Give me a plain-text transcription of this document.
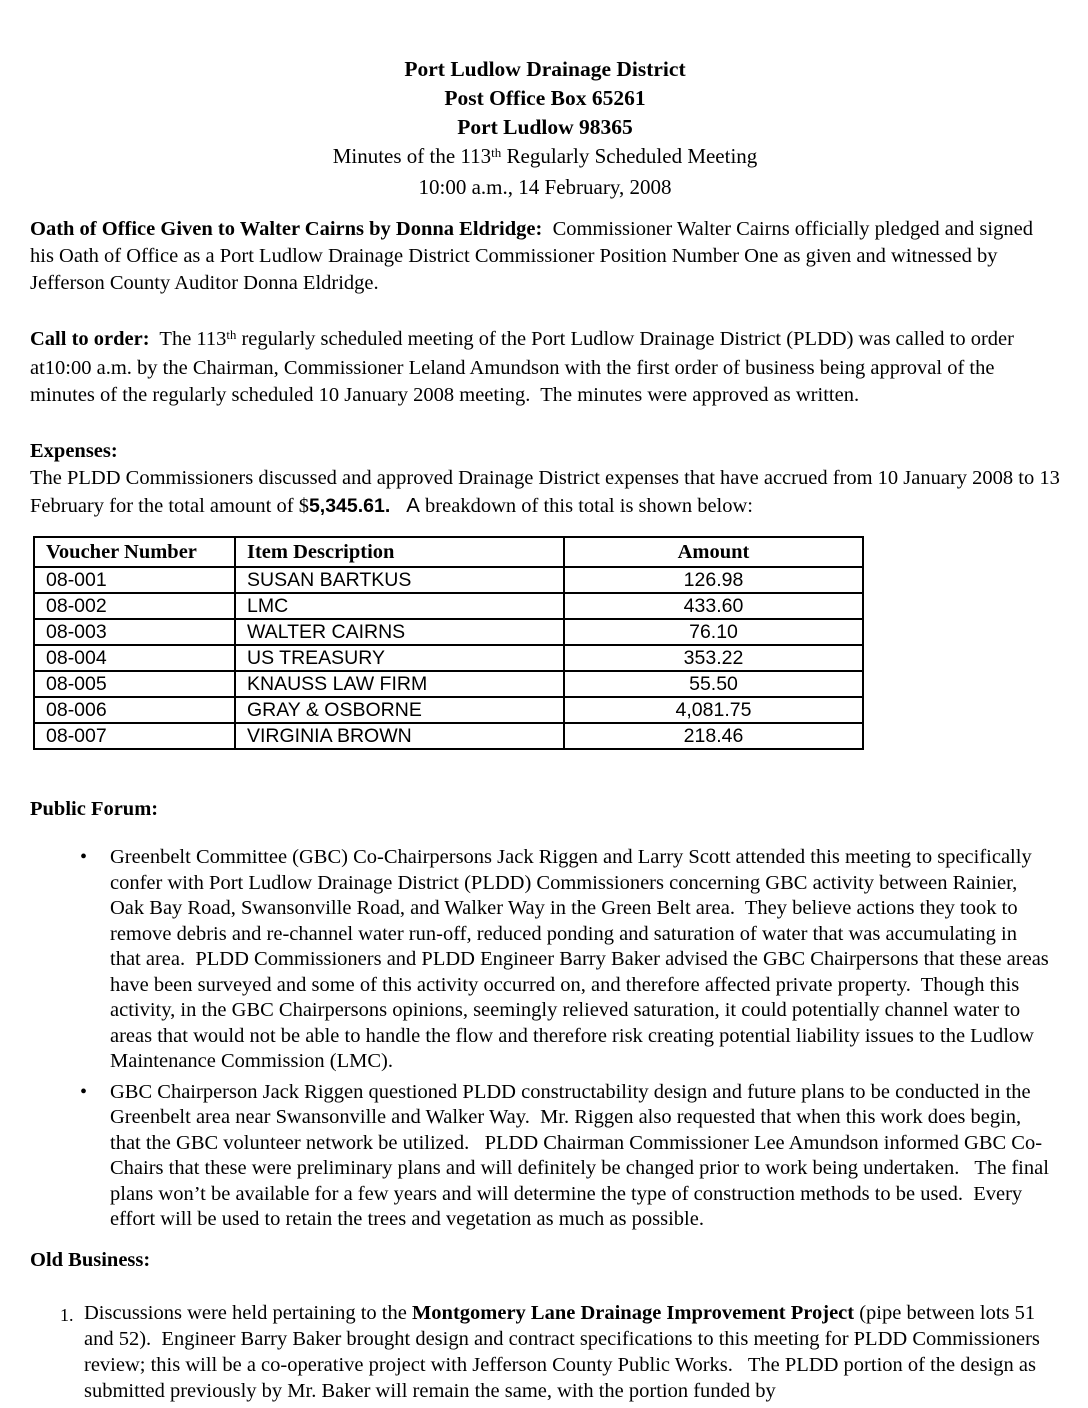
Port Ludlow Drainage District
Post Office Box 65261
Port Ludlow 98365
Minutes of the 113th Regularly Scheduled Meeting
10:00 a.m., 14 February, 2008

Oath of Office Given to Walter Cairns by Donna Eldridge:  Commissioner Walter Cairns officially pledged and signed his Oath of Office as a Port Ludlow Drainage District Commissioner Position Number One as given and witnessed by Jefferson County Auditor Donna Eldridge.

Call to order:  The 113th regularly scheduled meeting of the Port Ludlow Drainage District (PLDD) was called to order at10:00 a.m. by the Chairman, Commissioner Leland Amundson with the first order of business being approval of the minutes of the regularly scheduled 10 January 2008 meeting.  The minutes were approved as written.

Expenses:

The PLDD Commissioners discussed and approved Drainage District expenses that have accrued from 10 January 2008 to 13 February for the total amount of $5,345.61.   A breakdown of this total is shown below:

Voucher Number	Item Description	Amount
08-001	SUSAN BARTKUS	126.98
08-002	LMC	433.60
08-003	WALTER CAIRNS	76.10
08-004	US TREASURY	353.22
08-005	KNAUSS LAW FIRM	55.50
08-006	GRAY & OSBORNE	4,081.75
08-007	VIRGINIA BROWN	218.46
Public Forum:
• Greenbelt Committee (GBC) Co-Chairpersons Jack Riggen and Larry Scott attended this meeting to specifically confer with Port Ludlow Drainage District (PLDD) Commissioners concerning GBC activity between Rainier, Oak Bay Road, Swansonville Road, and Walker Way in the Green Belt area.  They believe actions they took to remove debris and re-channel water run-off, reduced ponding and saturation of water that was accumulating in that area.  PLDD Commissioners and PLDD Engineer Barry Baker advised the GBC Chairpersons that these areas have been surveyed and some of this activity occurred on, and therefore affected private property.  Though this activity, in the GBC Chairpersons opinions, seemingly relieved saturation, it could potentially channel water to areas that would not be able to handle the flow and therefore risk creating potential liability issues to the Ludlow Maintenance Commission (LMC).
• GBC Chairperson Jack Riggen questioned PLDD constructability design and future plans to be conducted in the Greenbelt area near Swansonville and Walker Way.  Mr. Riggen also requested that when this work does begin, that the GBC volunteer network be utilized.   PLDD Chairman Commissioner Lee Amundson informed GBC Co-Chairs that these were preliminary plans and will definitely be changed prior to work being undertaken.   The final plans won’t be available for a few years and will determine the type of construction methods to be used.  Every effort will be used to retain the trees and vegetation as much as possible.
Old Business:
1. Discussions were held pertaining to the Montgomery Lane Drainage Improvement Project (pipe between lots 51 and 52).  Engineer Barry Baker brought design and contract specifications to this meeting for PLDD Commissioners review; this will be a co-operative project with Jefferson County Public Works.   The PLDD portion of the design as submitted previously by Mr. Baker will remain the same, with the portion funded by
